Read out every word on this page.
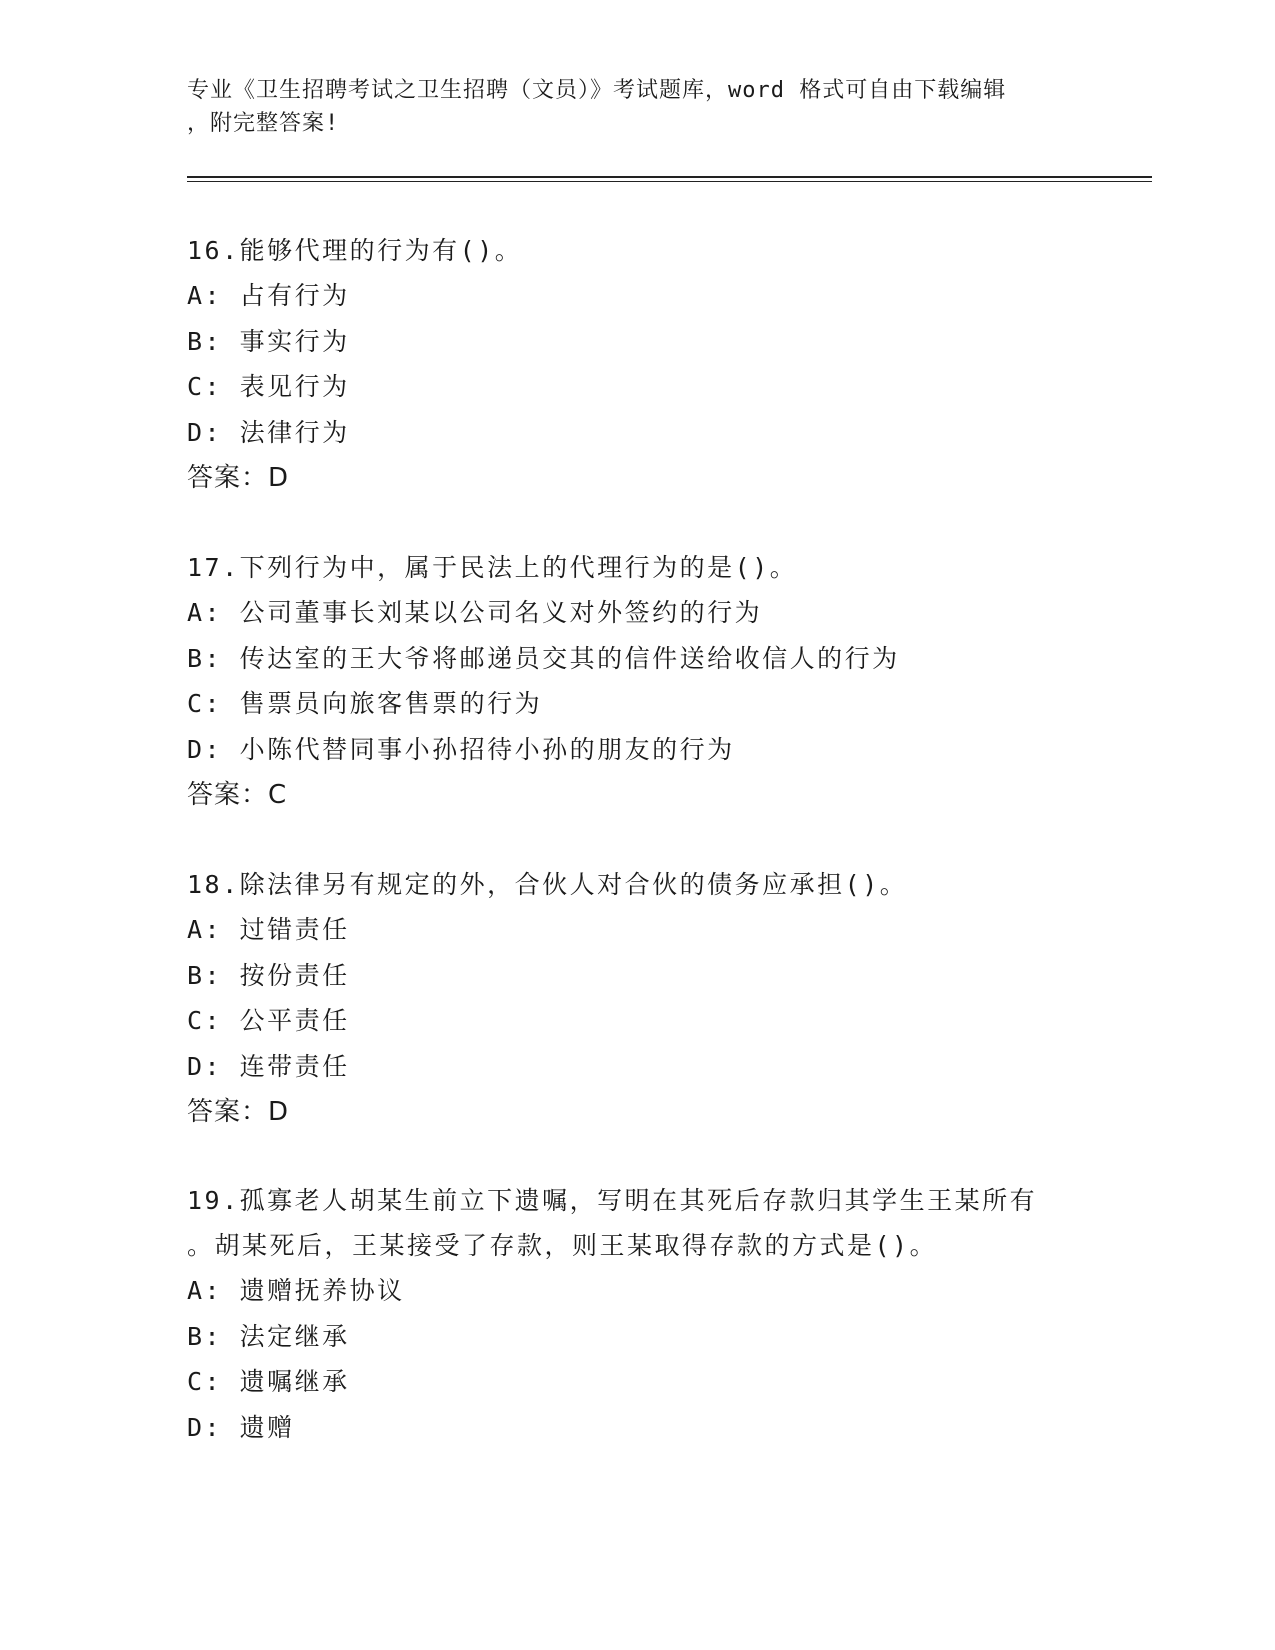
专业《卫生招聘考试之卫生招聘（文员）》考试题库，word 格式可自由下载编辑
，附完整答案!

16.能够代理的行为有()。

A: 占有行为

B: 事实行为

C: 表见行为

D: 法律行为

答案：D

17.下列行为中，属于民法上的代理行为的是()。

A: 公司董事长刘某以公司名义对外签约的行为

B: 传达室的王大爷将邮递员交其的信件送给收信人的行为

C: 售票员向旅客售票的行为

D: 小陈代替同事小孙招待小孙的朋友的行为

答案：C

18.除法律另有规定的外，合伙人对合伙的债务应承担()。

A: 过错责任

B: 按份责任

C: 公平责任

D: 连带责任

答案：D

19.孤寡老人胡某生前立下遗嘱，写明在其死后存款归其学生王某所有

。胡某死后，王某接受了存款，则王某取得存款的方式是()。

A: 遗赠抚养协议

B: 法定继承

C: 遗嘱继承

D: 遗赠
